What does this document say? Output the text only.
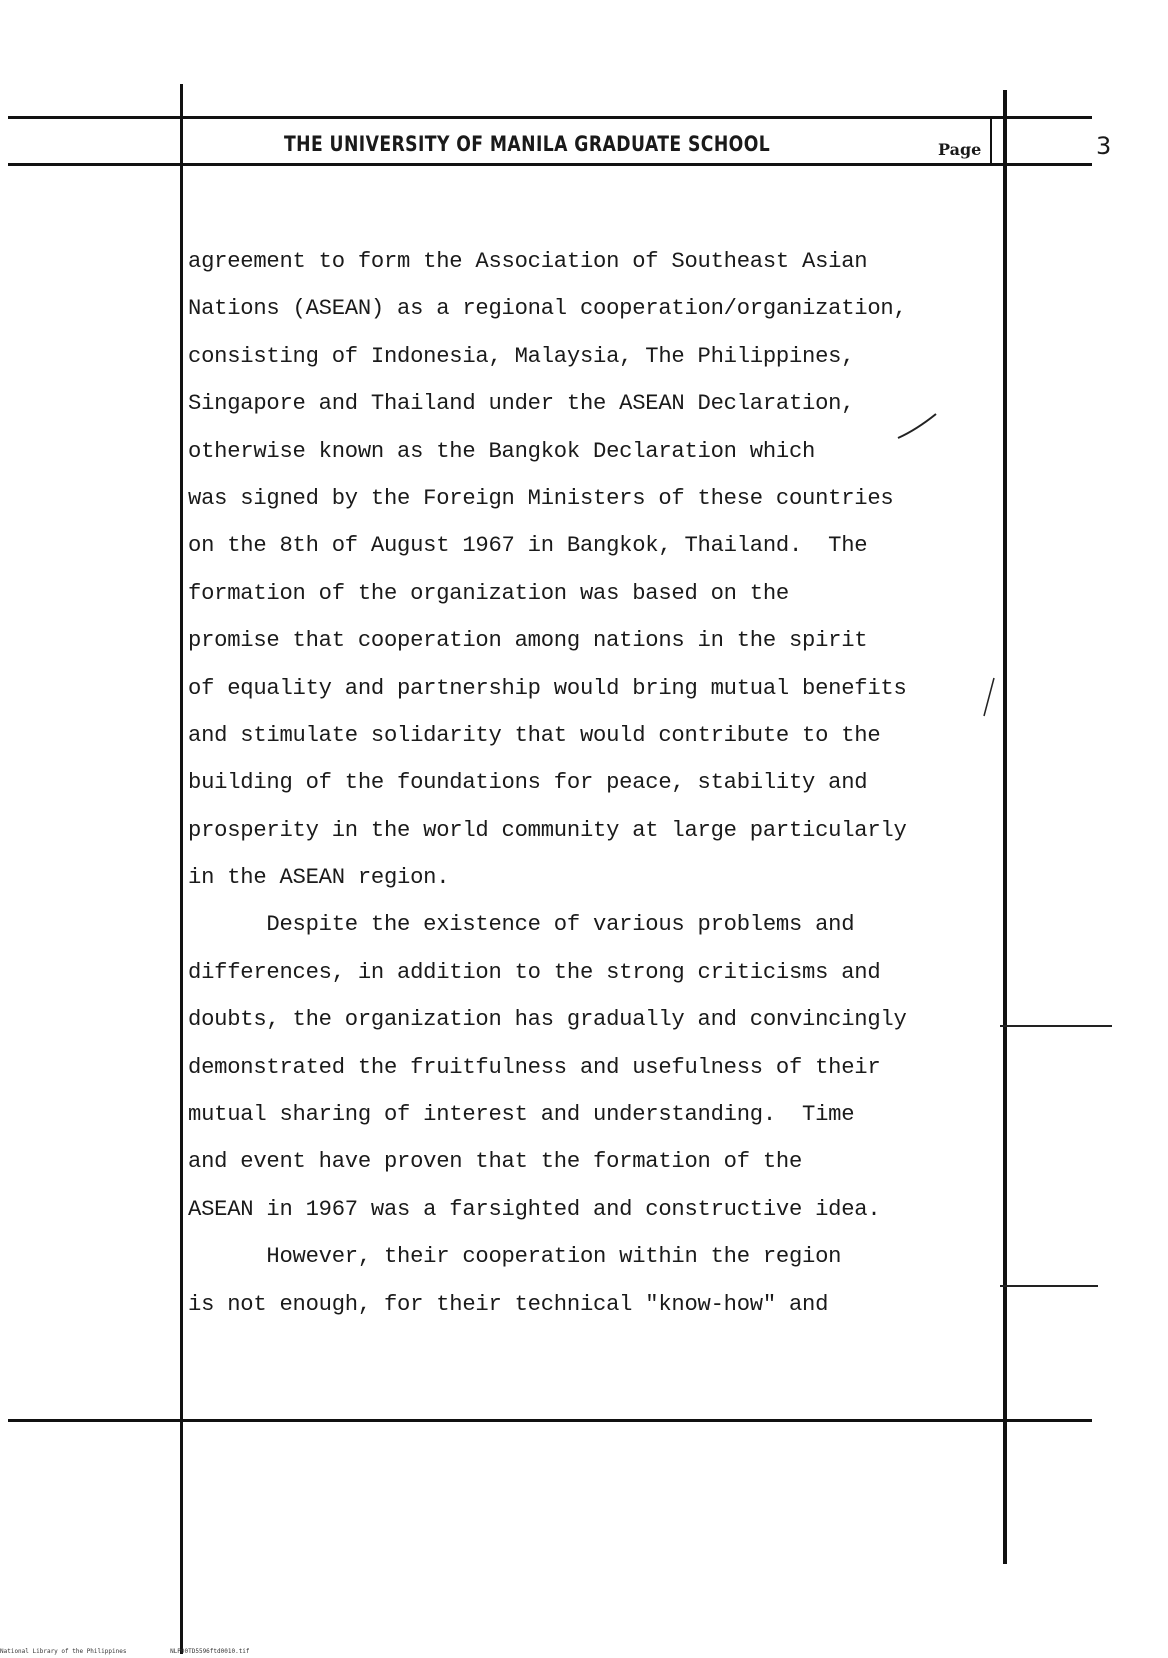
THE UNIVERSITY OF MANILA GRADUATE SCHOOL	Page	3
agreement to form the Association of Southeast Asian
Nations (ASEAN) as a regional cooperation/organization,
consisting of Indonesia, Malaysia, The Philippines,
Singapore and Thailand under the ASEAN Declaration,
otherwise known as the Bangkok Declaration which
was signed by the Foreign Ministers of these countries
on the 8th of August 1967 in Bangkok, Thailand.  The
formation of the organization was based on the
promise that cooperation among nations in the spirit
of equality and partnership would bring mutual benefits
and stimulate solidarity that would contribute to the
building of the foundations for peace, stability and
prosperity in the world community at large particularly
in the ASEAN region.
Despite the existence of various problems and
differences, in addition to the strong criticisms and
doubts, the organization has gradually and convincingly
demonstrated the fruitfulness and usefulness of their
mutual sharing of interest and understanding.  Time
and event have proven that the formation of the
ASEAN in 1967 was a farsighted and constructive idea.
However, their cooperation within the region
is not enough, for their technical "know-how" and
National Library of the Philippines	NLP00TD5596ftd0010.tif
